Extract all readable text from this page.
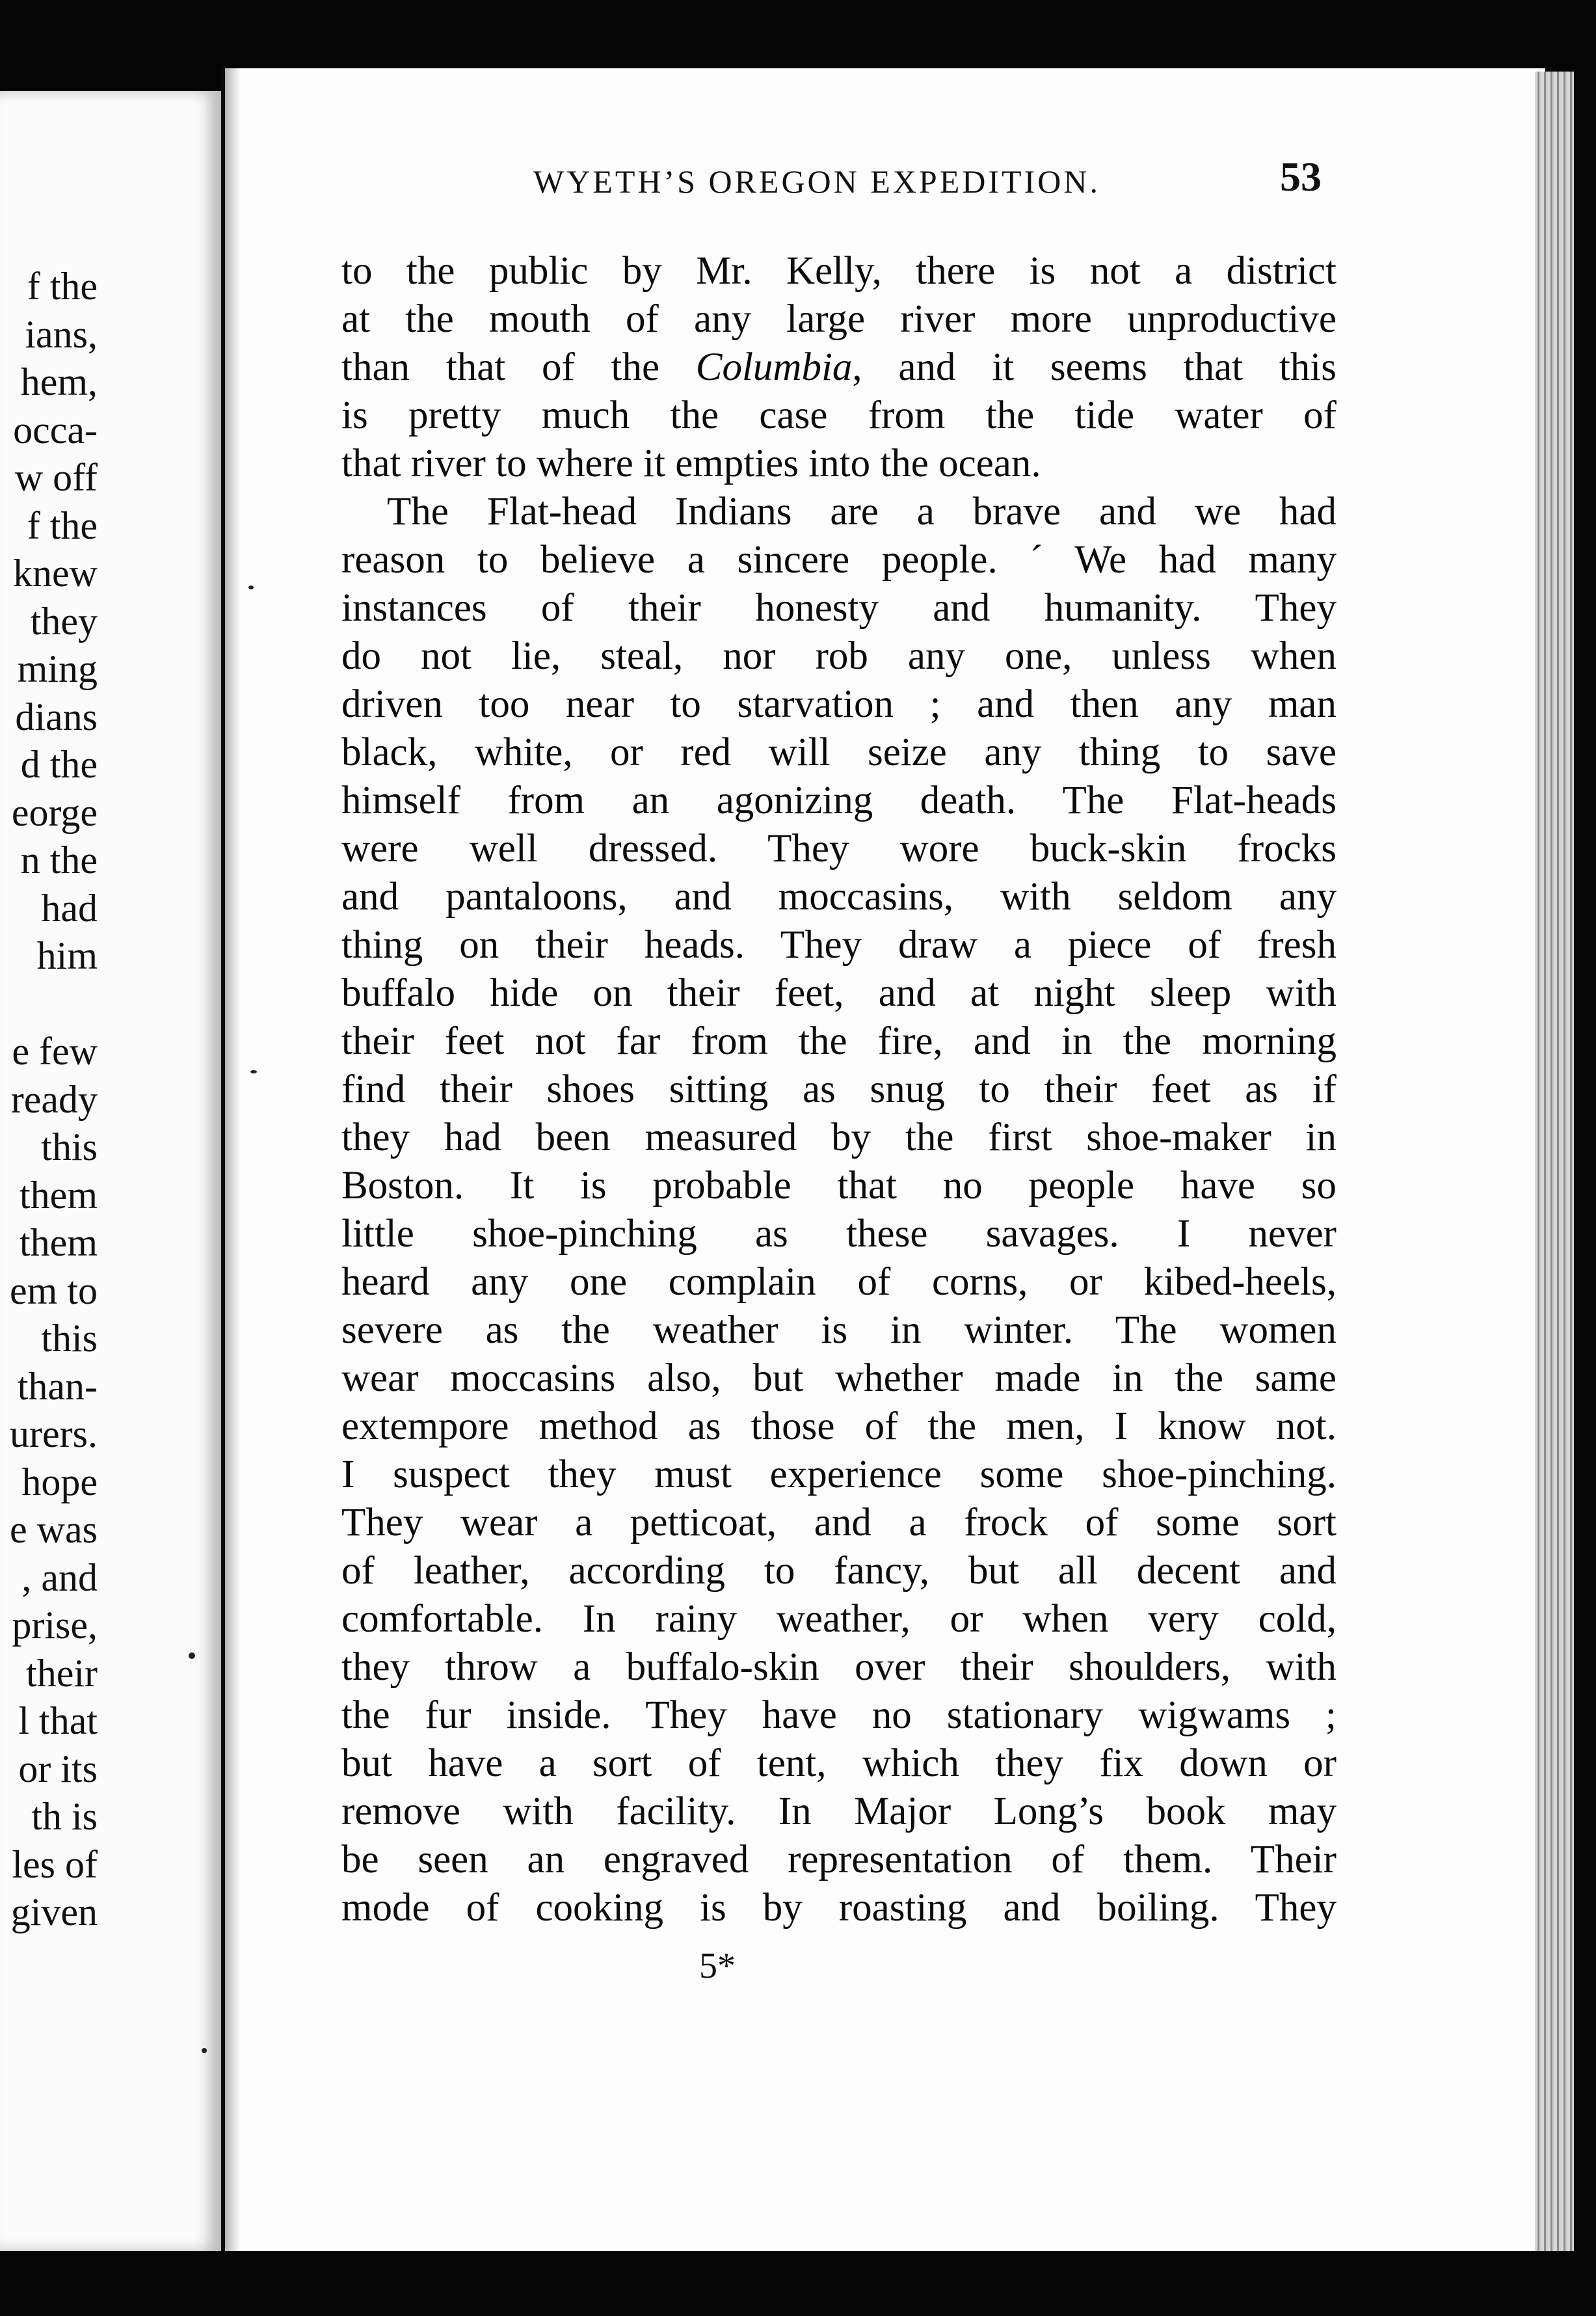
f the
ians,
hem,
occa-
w off
f the
knew
they
ming
dians
d the
eorge
n the
had
him
e few
ready
this
them
them
em to
this
than-
urers.
hope
e was
, and
prise,
their
l that
or its
th is
les of
given
WYETH’S OREGON EXPEDITION.	53
to the public by Mr. Kelly, there is not a district
at the mouth of any large river more unproductive
than that of the Columbia, and it seems that this
is pretty much the case from the tide water of
that river to where it empties into the ocean.
The Flat-head Indians are a brave and we had
reason to believe a sincere people. ´ We had many
instances of their honesty and humanity. They
do not lie, steal, nor rob any one, unless when
driven too near to starvation ; and then any man
black, white, or red will seize any thing to save
himself from an agonizing death. The Flat-heads
were well dressed. They wore buck-skin frocks
and pantaloons, and moccasins, with seldom any
thing on their heads. They draw a piece of fresh
buffalo hide on their feet, and at night sleep with
their feet not far from the fire, and in the morning
find their shoes sitting as snug to their feet as if
they had been measured by the first shoe-maker in
Boston. It is probable that no people have so
little shoe-pinching as these savages. I never
heard any one complain of corns, or kibed-heels,
severe as the weather is in winter. The women
wear moccasins also, but whether made in the same
extempore method as those of the men, I know not.
I suspect they must experience some shoe-pinching.
They wear a petticoat, and a frock of some sort
of leather, according to fancy, but all decent and
comfortable. In rainy weather, or when very cold,
they throw a buffalo-skin over their shoulders, with
the fur inside. They have no stationary wigwams ;
but have a sort of tent, which they fix down or
remove with facility. In Major Long’s book may
be seen an engraved representation of them. Their
mode of cooking is by roasting and boiling. They
5*
